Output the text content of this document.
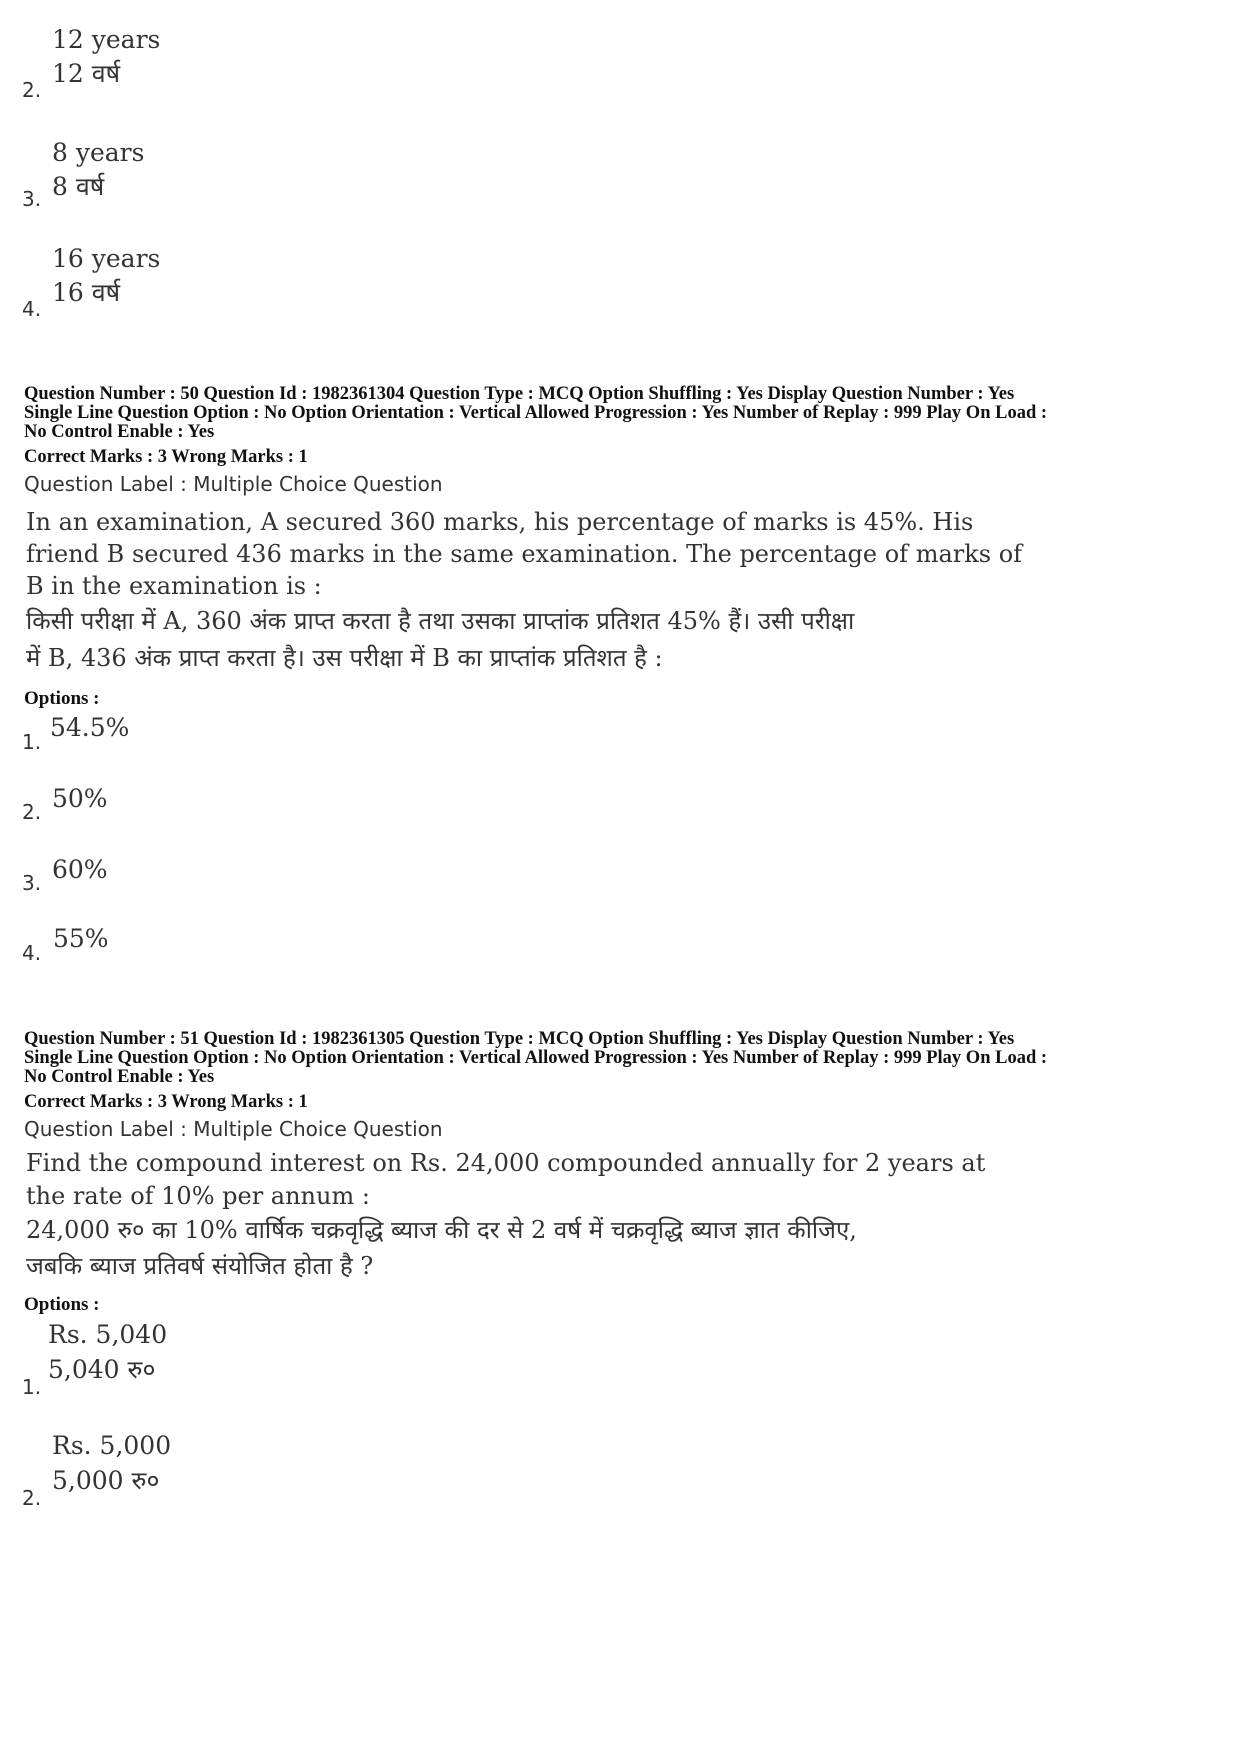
12 years
12 वर्ष
2.
8 years
8 वर्ष
3.
16 years
16 वर्ष
4.
Question Number : 50 Question Id : 1982361304 Question Type : MCQ Option Shuffling : Yes Display Question Number : Yes
Single Line Question Option : No Option Orientation : Vertical Allowed Progression : Yes Number of Replay : 999 Play On Load :
No Control Enable : Yes
Correct Marks : 3 Wrong Marks : 1
Question Label : Multiple Choice Question
In an examination, A secured 360 marks, his percentage of marks is 45%. His
friend B secured 436 marks in the same examination. The percentage of marks of
B in the examination is :
किसी परीक्षा में A, 360 अंक प्राप्त करता है तथा उसका प्राप्तांक प्रतिशत 45% हैं। उसी परीक्षा
में B, 436 अंक प्राप्त करता है। उस परीक्षा में B का प्राप्तांक प्रतिशत है :
Options :
1. 54.5%
2. 50%
3. 60%
4. 55%
Question Number : 51 Question Id : 1982361305 Question Type : MCQ Option Shuffling : Yes Display Question Number : Yes
Single Line Question Option : No Option Orientation : Vertical Allowed Progression : Yes Number of Replay : 999 Play On Load :
No Control Enable : Yes
Correct Marks : 3 Wrong Marks : 1
Question Label : Multiple Choice Question
Find the compound interest on Rs. 24,000 compounded annually for 2 years at
the rate of 10% per annum :
24,000 रु० का 10% वार्षिक चक्रवृद्धि ब्याज की दर से 2 वर्ष में चक्रवृद्धि ब्याज ज्ञात कीजिए,
जबकि ब्याज प्रतिवर्ष संयोजित होता है ?
Options :
Rs. 5,040
5,040 रु०
1.
Rs. 5,000
5,000 रु०
2.
